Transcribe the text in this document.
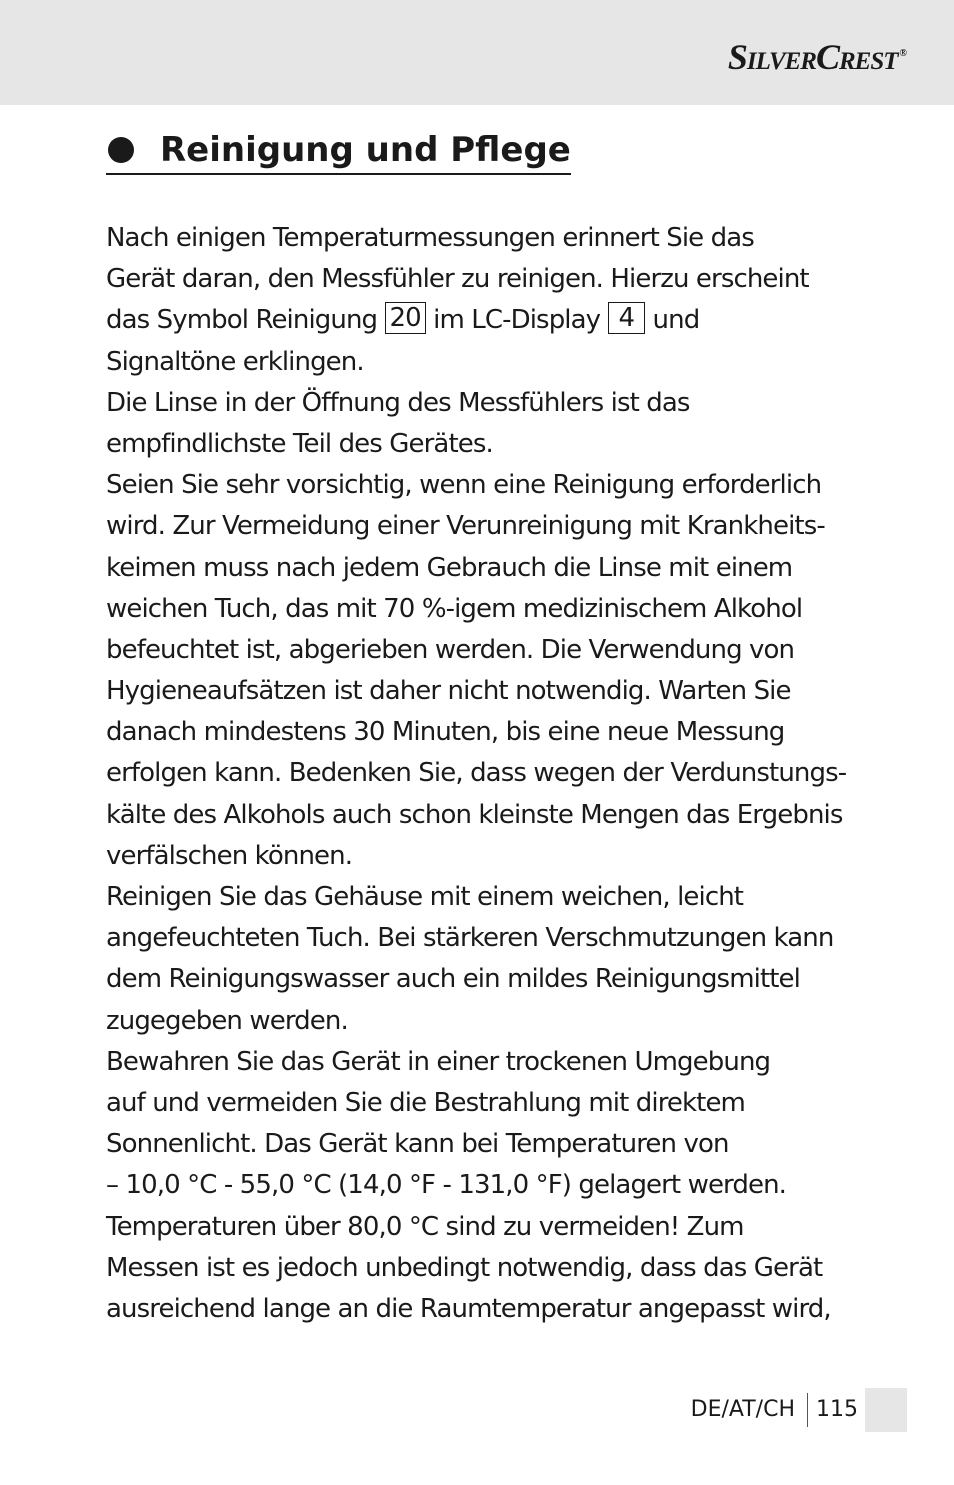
SilverCrest ®
Reinigung und Pflege
Nach einigen Temperaturmessungen erinnert Sie das
Gerät daran, den Messfühler zu reinigen. Hierzu erscheint
das Symbol Reinigung 20 im LC-Display 4 und
Signaltöne erklingen.
Die Linse in der Öffnung des Messfühlers ist das
empfindlichste Teil des Gerätes.
Seien Sie sehr vorsichtig, wenn eine Reinigung erforderlich
wird. Zur Vermeidung einer Verunreinigung mit Krankheits-
keimen muss nach jedem Gebrauch die Linse mit einem
weichen Tuch, das mit 70 %-igem medizinischem Alkohol
befeuchtet ist, abgerieben werden. Die Verwendung von
Hygieneaufsätzen ist daher nicht notwendig. Warten Sie
danach mindestens 30 Minuten, bis eine neue Messung
erfolgen kann. Bedenken Sie, dass wegen der Verdunstungs-
kälte des Alkohols auch schon kleinste Mengen das Ergebnis
verfälschen können.
Reinigen Sie das Gehäuse mit einem weichen, leicht
angefeuchteten Tuch. Bei stärkeren Verschmutzungen kann
dem Reinigungswasser auch ein mildes Reinigungsmittel
zugegeben werden.
Bewahren Sie das Gerät in einer trockenen Umgebung
auf und vermeiden Sie die Bestrahlung mit direktem
Sonnenlicht. Das Gerät kann bei Temperaturen von
– 10,0 °C - 55,0 °C (14,0 °F - 131,0 °F) gelagert werden.
Temperaturen über 80,0 °C sind zu vermeiden! Zum
Messen ist es jedoch unbedingt notwendig, dass das Gerät
ausreichend lange an die Raumtemperatur angepasst wird,
DE/AT/CH 115
